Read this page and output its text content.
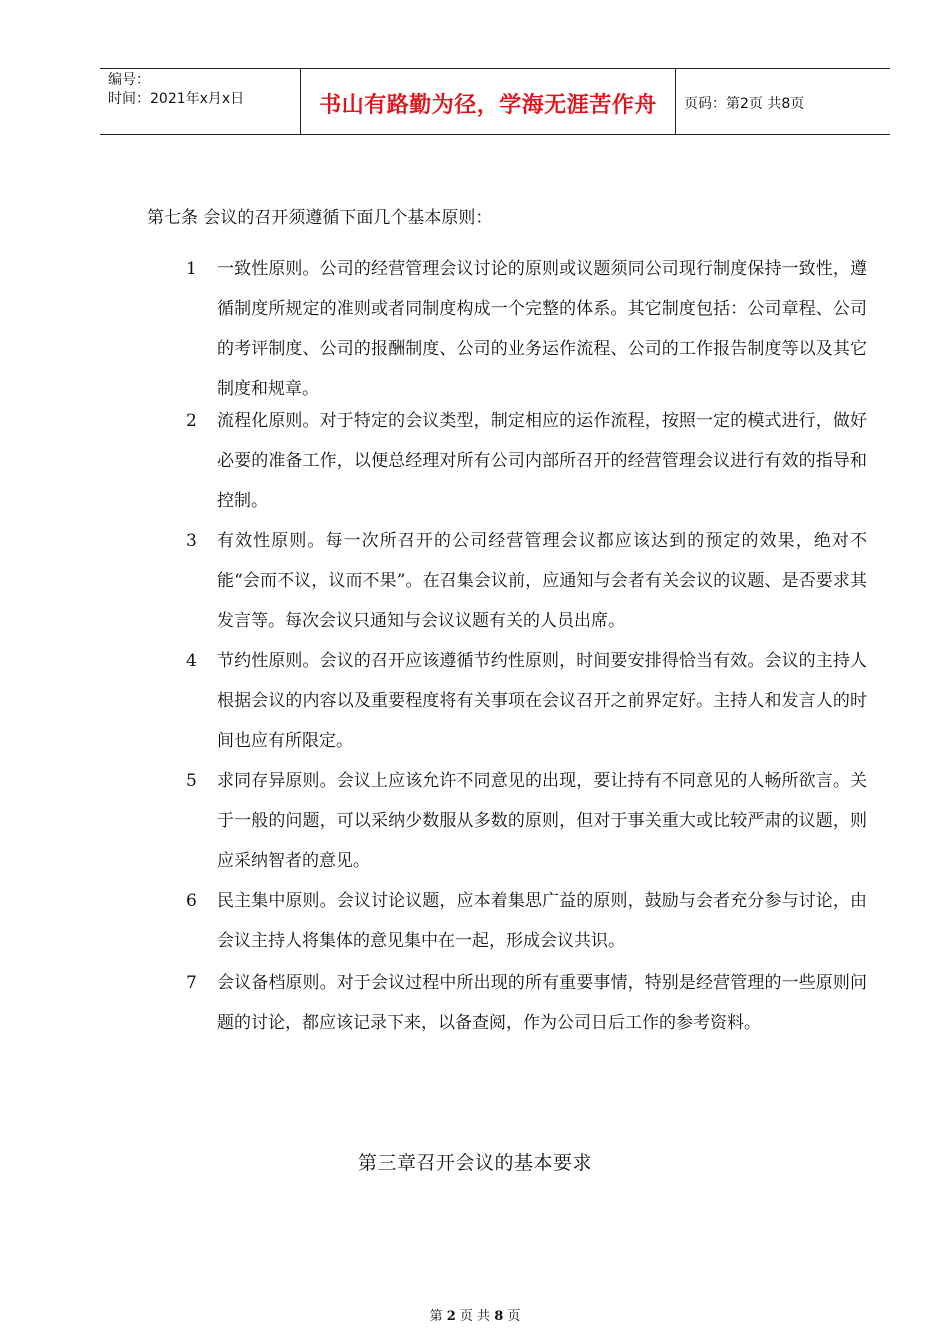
编号：
时间：2021年x月x日	书山有路勤为径，学海无涯苦作舟	页码：第2页 共8页
第七条 会议的召开须遵循下面几个基本原则：
1	一致性原则。公司的经营管理会议讨论的原则或议题须同公司现行制度保持一致性，遵循制度所规定的准则或者同制度构成一个完整的体系。其它制度包括：公司章程、公司的考评制度、公司的报酬制度、公司的业务运作流程、公司的工作报告制度等以及其它制度和规章。
2	流程化原则。对于特定的会议类型，制定相应的运作流程，按照一定的模式进行，做好必要的准备工作，以便总经理对所有公司内部所召开的经营管理会议进行有效的指导和控制。
3	有效性原则。每一次所召开的公司经营管理会议都应该达到的预定的效果，绝对不能“会而不议，议而不果”。在召集会议前，应通知与会者有关会议的议题、是否要求其发言等。每次会议只通知与会议议题有关的人员出席。
4	节约性原则。会议的召开应该遵循节约性原则，时间要安排得恰当有效。会议的主持人根据会议的内容以及重要程度将有关事项在会议召开之前界定好。主持人和发言人的时间也应有所限定。
5	求同存异原则。会议上应该允许不同意见的出现，要让持有不同意见的人畅所欲言。关于一般的问题，可以采纳少数服从多数的原则，但对于事关重大或比较严肃的议题，则应采纳智者的意见。
6	民主集中原则。会议讨论议题，应本着集思广益的原则，鼓励与会者充分参与讨论，由会议主持人将集体的意见集中在一起，形成会议共识。
7	会议备档原则。对于会议过程中所出现的所有重要事情，特别是经营管理的一些原则问题的讨论，都应该记录下来，以备查阅，作为公司日后工作的参考资料。
第三章召开会议的基本要求
第 2 页 共 8 页
